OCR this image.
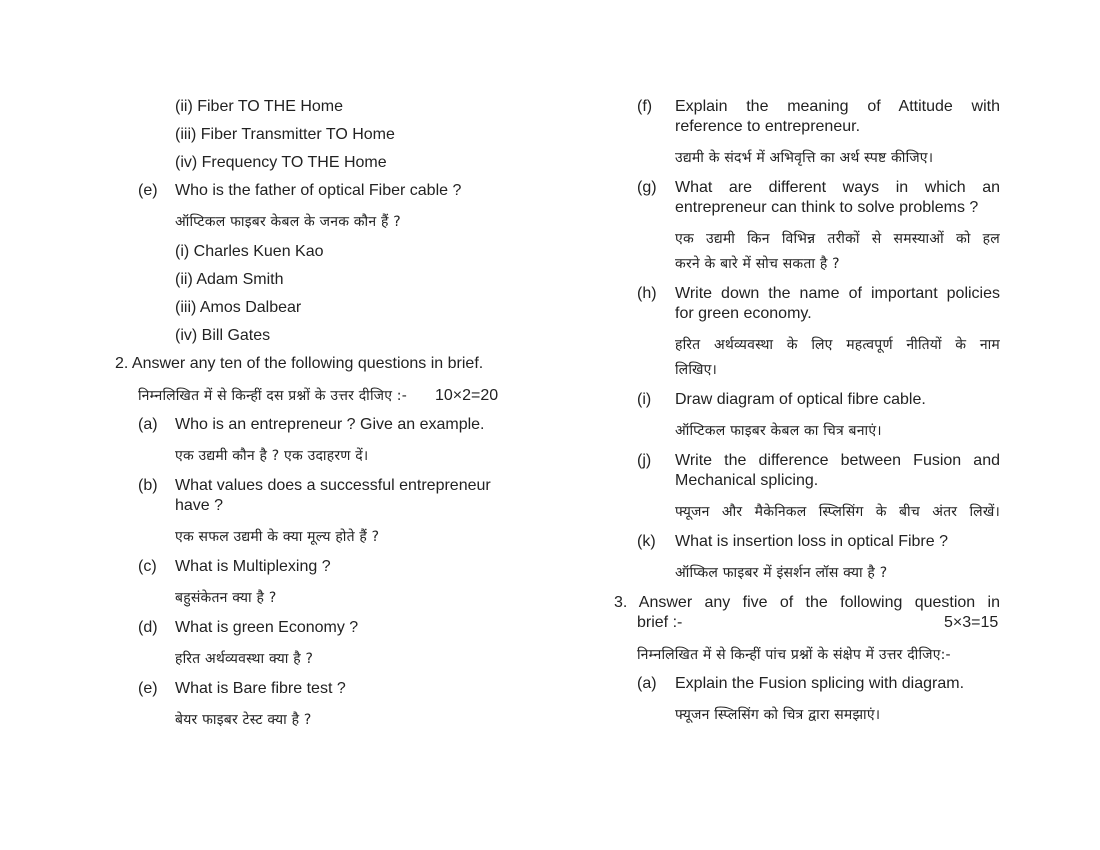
(ii) Fiber TO THE Home
(iii) Fiber Transmitter TO Home
(iv) Frequency TO THE Home
(e) Who is the father of optical Fiber cable ?
ऑप्टिकल फाइबर केबल के जनक कौन हैं ?
(i) Charles Kuen Kao
(ii) Adam Smith
(iii) Amos Dalbear
(iv) Bill Gates
2. Answer any ten of the following questions in brief.
निम्नलिखित में से किन्हीं दस प्रश्नों के उत्तर दीजिए :- 10×2=20
(a) Who is an entrepreneur ? Give an example.
एक उद्यमी कौन है ? एक उदाहरण दें।
(b) What values does a successful entrepreneur
have ?
एक सफल उद्यमी के क्या मूल्य होते हैं ?
(c) What is Multiplexing ?
बहुसंकेतन क्या है ?
(d) What is green Economy ?
हरित अर्थव्यवस्था क्या है ?
(e) What is Bare fibre test ?
बेयर फाइबर टेस्ट क्या है ?
(f) Explain the meaning of Attitude with
reference to entrepreneur.
उद्यमी के संदर्भ में अभिवृत्ति का अर्थ स्पष्ट कीजिए।
(g) What are different ways in which an
entrepreneur can think to solve problems ?
एक उद्यमी किन विभिन्न तरीकों से समस्याओं को हल
करने के बारे में सोच सकता है ?
(h) Write down the name of important policies
for green economy.
हरित अर्थव्यवस्था के लिए महत्वपूर्ण नीतियों के नाम
लिखिए।
(i) Draw diagram of optical fibre cable.
ऑप्टिकल फाइबर केबल का चित्र बनाएं।
(j) Write the difference between Fusion and
Mechanical splicing.
फ्यूजन और मैकेनिकल स्प्लिसिंग के बीच अंतर लिखें।
(k) What is insertion loss in optical Fibre ?
ऑप्किल फाइबर में इंसर्शन लॉस क्या है ?
3. Answer any five of the following question in
brief :-	5×3=15
निम्नलिखित में से किन्हीं पांच प्रश्नों के संक्षेप में उत्तर दीजिए:-
(a) Explain the Fusion splicing with diagram.
फ्यूजन स्प्लिसिंग को चित्र द्वारा समझाएं।
